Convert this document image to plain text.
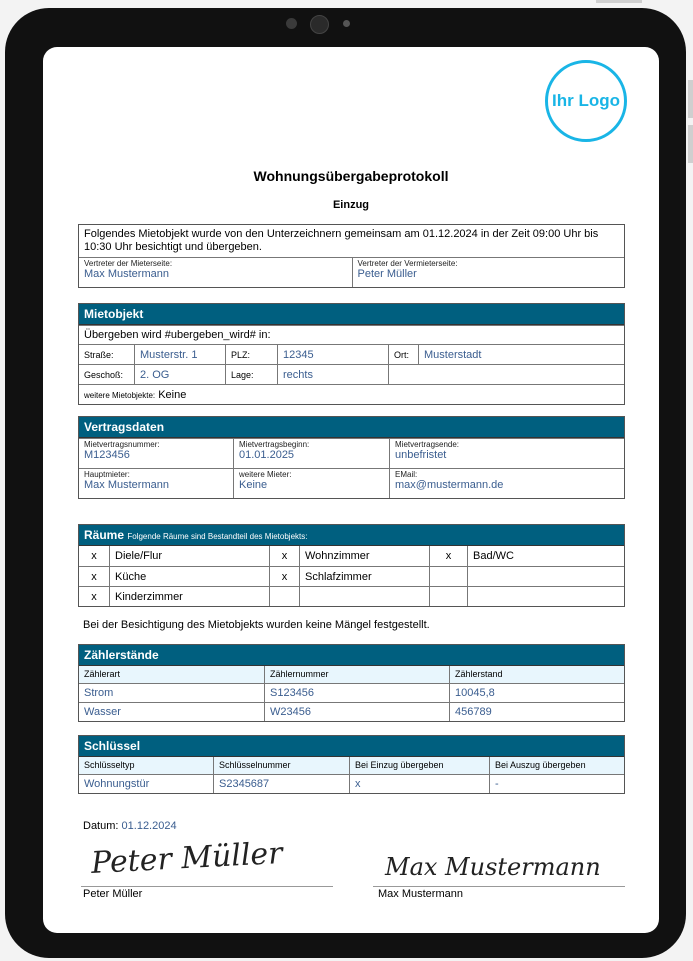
Ihr Logo
Wohnungsübergabeprotokoll
Einzug
Folgendes Mietobjekt wurde von den Unterzeichnern gemeinsam am 01.12.2024 in der Zeit 09:00 Uhr bis 10:30 Uhr besichtigt und übergeben.
Vertreter der Mieterseite:
Max Mustermann
Vertreter der Vermieterseite:
Peter Müller
Mietobjekt
Übergeben wird #ubergeben_wird# in:
Straße:	Musterstr. 1	PLZ:	12345	Ort:	Musterstadt
Geschoß:	2. OG	Lage:	rechts
weitere Mietobjekte: Keine
Vertragsdaten
Mietvertragsnummer:
M123456
Mietvertragsbeginn:
01.01.2025
Mietvertragsende:
unbefristet
Hauptmieter:
Max Mustermann
weitere Mieter:
Keine
EMail:
max@mustermann.de
Räume Folgende Räume sind Bestandteil des Mietobjekts:
x	Diele/Flur	x	Wohnzimmer	x	Bad/WC
x	Küche	x	Schlafzimmer
x	Kinderzimmer
Bei der Besichtigung des Mietobjekts wurden keine Mängel festgestellt.
Zählerstände
Zählerart	Zählernummer	Zählerstand
Strom	S123456	10045,8
Wasser	W23456	456789
Schlüssel
Schlüsseltyp	Schlüsselnummer	Bei Einzug übergeben	Bei Auszug übergeben
Wohnungstür	S2345687	x	-
Datum: 01.12.2024
Peter Müller
Peter Müller
Max Mustermann
Max Mustermann
